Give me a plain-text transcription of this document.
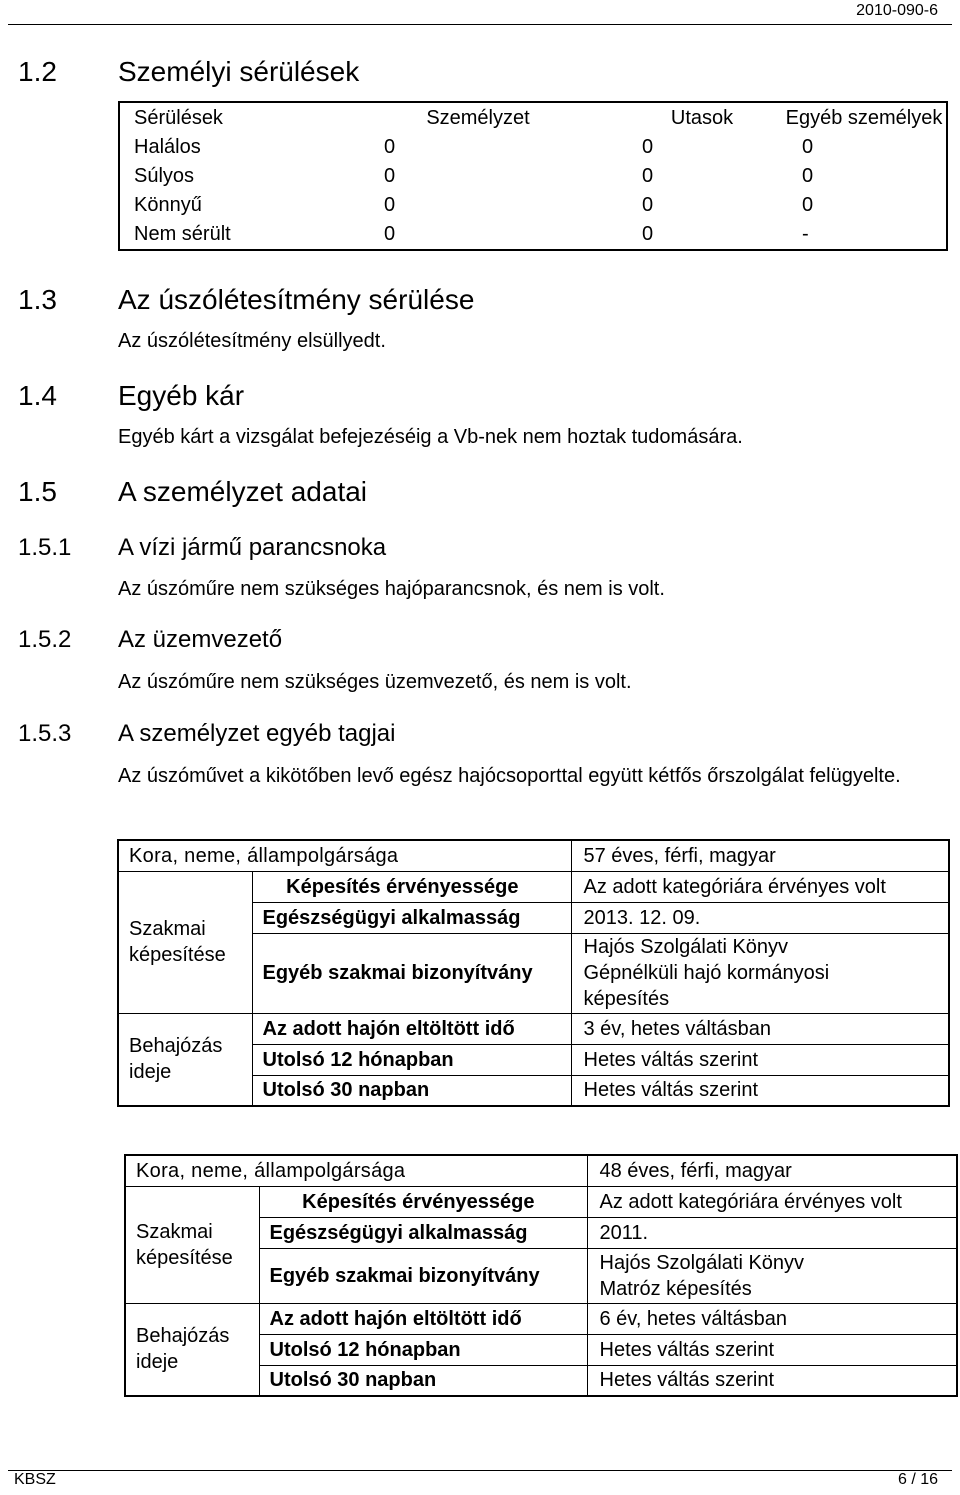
2010-090-6
1.2 Személyi sérülések
Sérülések	Személyzet	Utasok	Egyéb személyek
Halálos	0	0	0
Súlyos	0	0	0
Könnyű	0	0	0
Nem sérült	0	0	-
1.3 Az úszólétesítmény sérülése
Az úszólétesítmény elsüllyedt.
1.4 Egyéb kár
Egyéb kárt a vizsgálat befejezéséig a Vb-nek nem hoztak tudomására.
1.5 A személyzet adatai
1.5.1 A vízi jármű parancsnoka
Az úszóműre nem szükséges hajóparancsnok, és nem is volt.
1.5.2 Az üzemvezető
Az úszóműre nem szükséges üzemvezető, és nem is volt.
1.5.3 A személyzet egyéb tagjai
Az úszóművet a kikötőben levő egész hajócsoporttal együtt kétfős őrszolgálat felügyelte.
Kora, neme, állampolgársága		57 éves, férfi, magyar
Szakmai képesítése	Képesítés érvényessége	Az adott kategóriára érvényes volt
	Egészségügyi alkalmasság	2013. 12. 09.
	Egyéb szakmai bizonyítvány	Hajós Szolgálati Könyv
Gépnélküli hajó kormányosi
képesítés

Behajózás ideje	Az adott hajón eltöltött idő	3 év, hetes váltásban
	Utolsó 12 hónapban	Hetes váltás szerint
	Utolsó 30 napban	Hetes váltás szerint
Kora, neme, állampolgársága		48 éves, férfi, magyar
Szakmai képesítése	Képesítés érvényessége	Az adott kategóriára érvényes volt
	Egészségügyi alkalmasság	2011.
	Egyéb szakmai bizonyítvány	Hajós Szolgálati Könyv
Matróz képesítés

Behajózás ideje	Az adott hajón eltöltött idő	6 év, hetes váltásban
	Utolsó 12 hónapban	Hetes váltás szerint
	Utolsó 30 napban	Hetes váltás szerint
KBSZ	6 / 16
